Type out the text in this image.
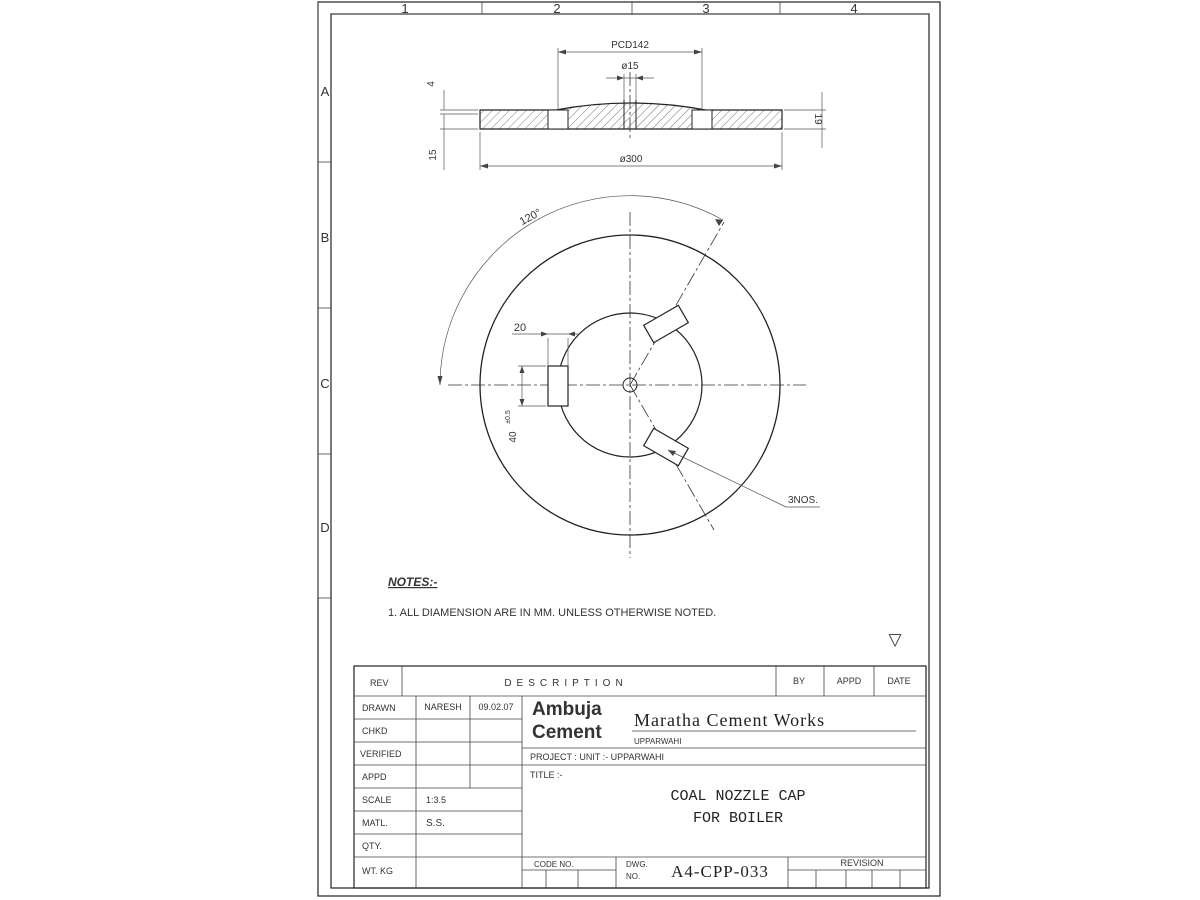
1	2	3	4
A
B
C
D
PCD142
ø15
ø300
4
15
19
120°
20
40
±0.5
3NOS.
NOTES:-
1. ALL DIAMENSION ARE IN MM. UNLESS OTHERWISE NOTED.
▽
REV	DESCRIPTION	BY	APPD	DATE
DRAWN	NARESH 09.02.07
CHKD
VERIFIED
APPD
SCALE	1:3.5
MATL.	S.S.
QTY.
WT. KG
Ambuja
Cement
Maratha Cement Works
UPPARWAHI
PROJECT : UNIT :- UPPARWAHI
TITLE :-
COAL NOZZLE CAP
FOR BOILER
CODE NO.	DWG.
NO. A4-CPP-033	REVISION
